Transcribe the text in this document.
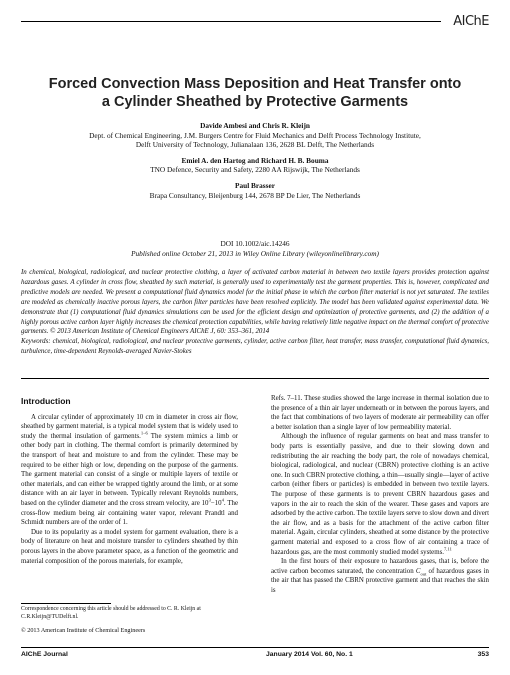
AIChE
Forced Convection Mass Deposition and Heat Transfer onto
a Cylinder Sheathed by Protective Garments
Davide Ambesi and Chris R. Kleijn
Dept. of Chemical Engineering, J.M. Burgers Centre for Fluid Mechanics and Delft Process Technology Institute,
Delft University of Technology, Julianalaan 136, 2628 BL Delft, The Netherlands
Emiel A. den Hartog and Richard H. B. Bouma
TNO Defence, Security and Safety, 2280 AA Rijswijk, The Netherlands
Paul Brasser
Brapa Consultancy, Bleijenburg 144, 2678 BP De Lier, The Netherlands
DOI 10.1002/aic.14246
Published online October 21, 2013 in Wiley Online Library (wileyonlinelibrary.com)
In chemical, biological, radiological, and nuclear protective clothing, a layer of activated carbon material in between two textile layers provides protection against hazardous gases. A cylinder in cross flow, sheathed by such material, is generally used to experimentally test the garment properties. This is, however, complicated and predictive models are needed. We present a computational fluid dynamics model for the initial phase in which the carbon filter material is not yet saturated. The textiles are modeled as chemically inactive porous layers, the carbon filter particles have been resolved explicitly. The model has been validated against experimental data. We demonstrate that (1) computational fluid dynamics simulations can be used for the efficient design and optimization of protective garments, and (2) the addition of a highly porous active carbon layer highly increases the chemical protection capabilities, while having relatively little negative impact on the thermal comfort of protective garments. © 2013 American Institute of Chemical Engineers AIChE J, 60: 353–361, 2014
Keywords: chemical, biological, radiological, and nuclear protective garments, cylinder, active carbon filter, heat transfer, mass transfer, computational fluid dynamics, turbulence, time-dependent Reynolds-averaged Navier-Stokes
Introduction

A circular cylinder of approximately 10 cm in diameter in cross air flow, sheathed by garment material, is a typical model system that is widely used to study the thermal insulation of garments.$^{1-6}$ The system mimics a limb or other body part in clothing. The thermal comfort is primarily determined by the transport of heat and moisture to and from the cylinder. These may be required to be either high or low, depending on the purpose of the garments. The garment material can consist of a single or multiple layers of textile or other materials, and can either be wrapped tightly around the limb, or at some distance with an air layer in between. Typically relevant Reynolds numbers, based on the cylinder diameter and the cross stream velocity, are $10^3-10^4$. The cross-flow medium being air containing water vapor, relevant Prandtl and Schmidt numbers are of the order of 1.

Due to its popularity as a model system for garment evaluation, there is a body of literature on heat and moisture transfer to cylinders sheathed by thin porous layers in the above parameter space, as a function of the geometric and material composition of the porous materials, for example,

Correspondence concerning this article should be addressed to C. R. Kleijn at C.R.Kleijn@TUDelft.nl.
© 2013 American Institute of Chemical Engineers

Refs. 7–11. These studies showed the large increase in thermal isolation due to the presence of a thin air layer underneath or in between the porous layers, and the fact that combinations of two layers of moderate air permeability can offer a better isolation than a single layer of low permeability material.

Although the influence of regular garments on heat and mass transfer to body parts is essentially passive, and due to their slowing down and redistributing the air reaching the body part, the role of nowadays chemical, biological, radiological, and nuclear (CBRN) protective clothing is an active one. In such CBRN protective clothing, a thin—usually single—layer of active carbon (either fibers or particles) is embedded in between two textile layers. The purpose of these garments is to prevent CBRN hazardous gases and vapors in the air to reach the skin of the wearer. These gases and vapors are adsorbed by the active carbon. The textile layers serve to slow down and divert the air flow, and as a basis for the attachment of the active carbon filter material. Again, circular cylinders, sheathed at some distance by the protective garment material and exposed to a cross flow of air containing a trace of hazardous gas, are the most commonly studied model systems.$^{7,11}$

In the first hours of their exposure to hazardous gases, that is, before the active carbon becomes saturated, the concentration $C_{out}$ of hazardous gases in the air that has passed the CBRN protective garment and that reaches the skin is

AIChE Journal	January 2014 Vol. 60, No. 1	353
